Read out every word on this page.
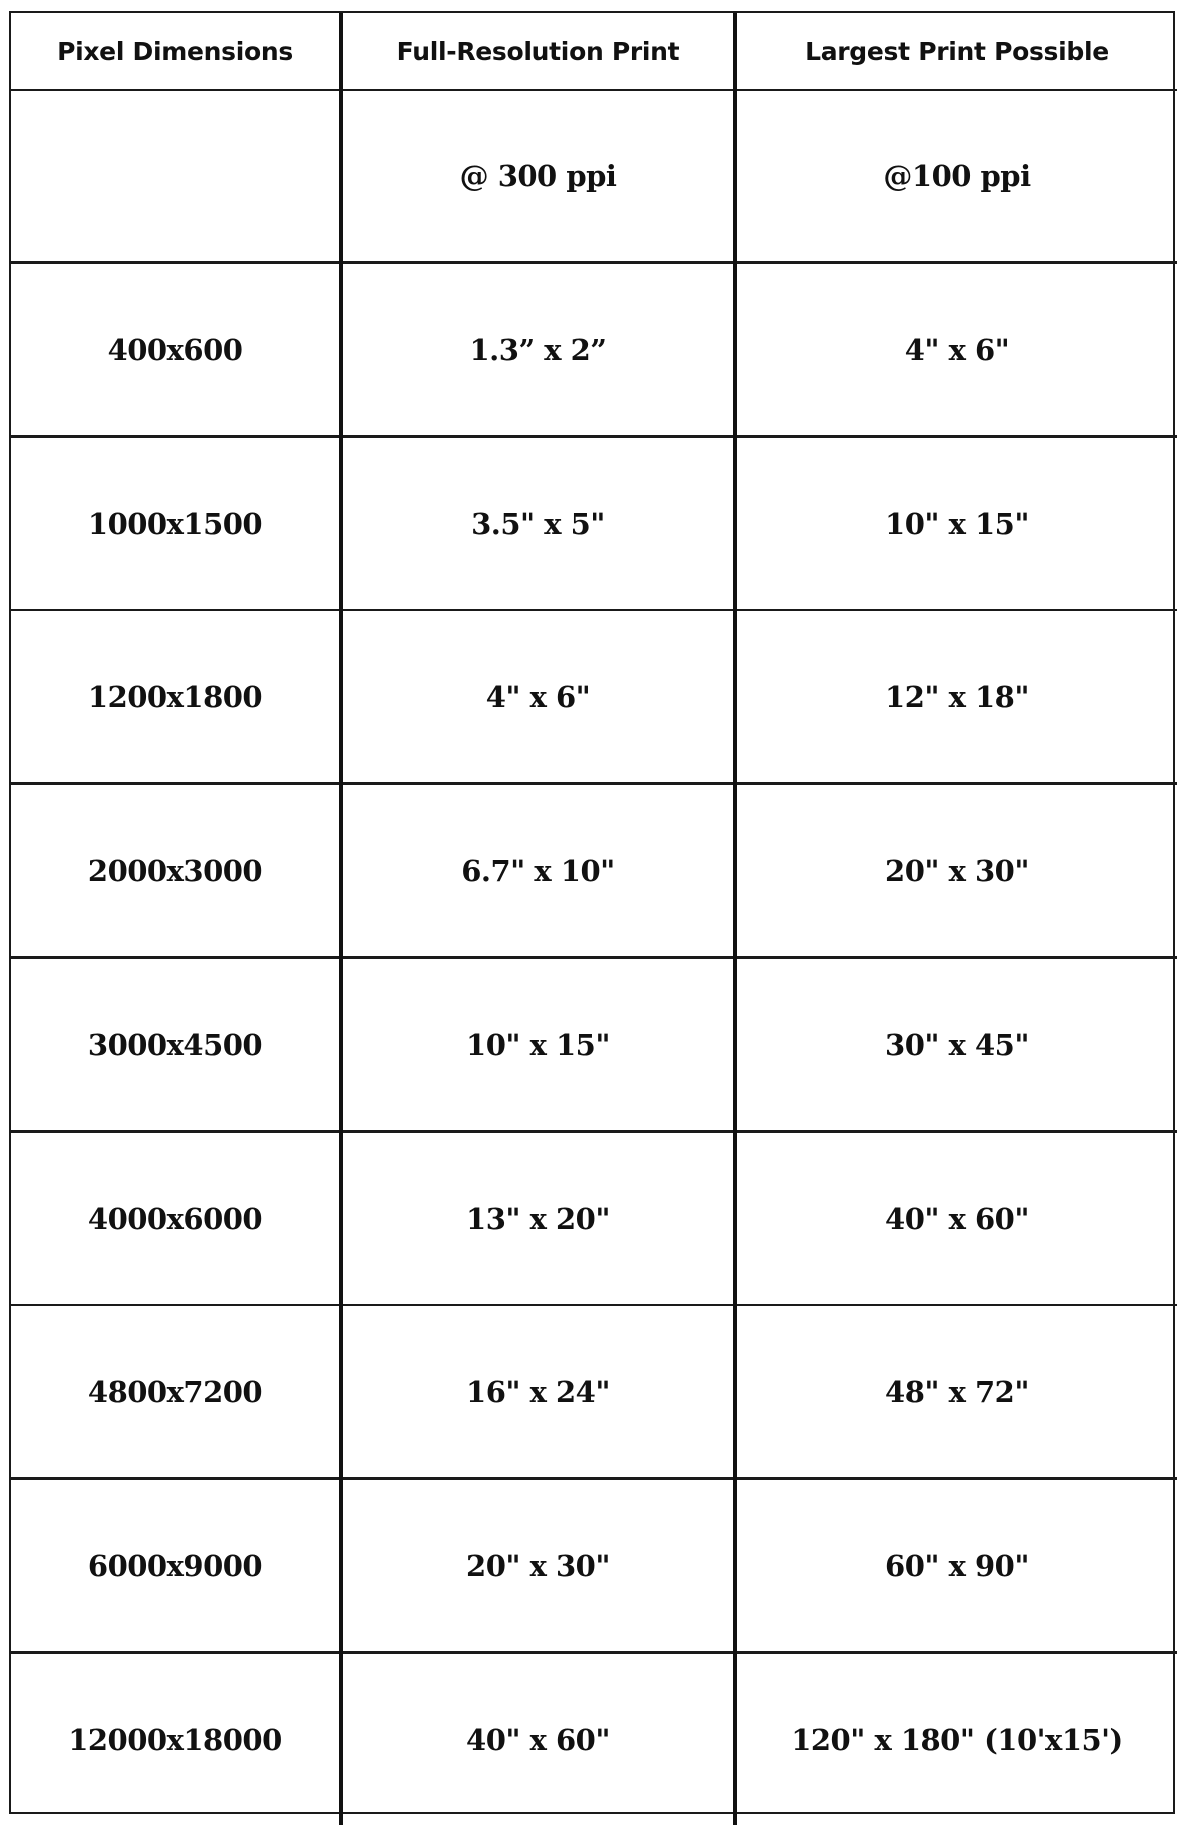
Pixel Dimensions	Full-Resolution Print	Largest Print Possible
	@ 300 ppi	@100 ppi
400x600	1.3” x 2”	4" x 6"
1000x1500	3.5" x 5"	10" x 15"
1200x1800	4" x 6"	12" x 18"
2000x3000	6.7" x 10"	20" x 30"
3000x4500	10" x 15"	30" x 45"
4000x6000	13" x 20"	40" x 60"
4800x7200	16" x 24"	48" x 72"
6000x9000	20" x 30"	60" x 90"
12000x18000	40" x 60"	120" x 180" (10'x15')
